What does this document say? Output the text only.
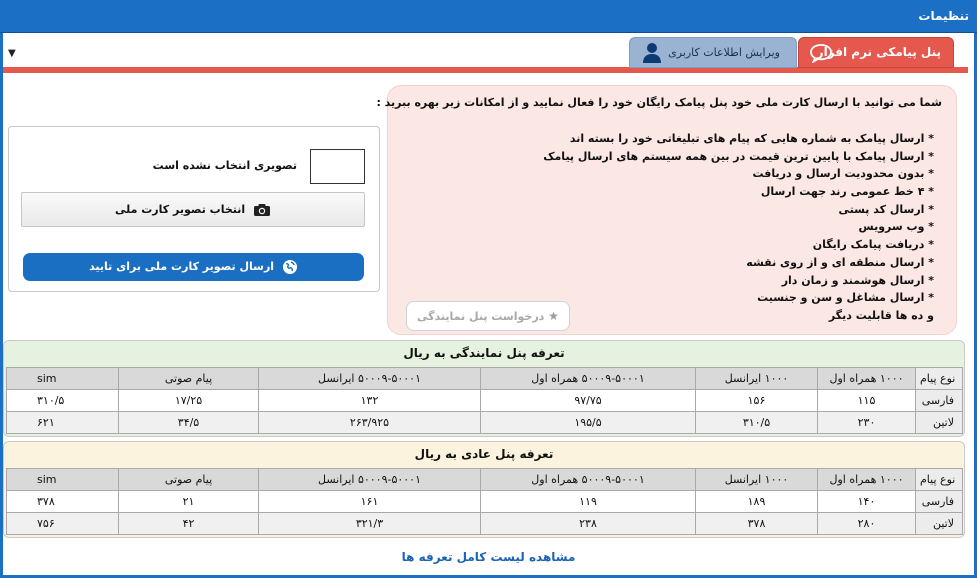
تنظیمات
پنل پیامکی نرم افزار
ویرایش اطلاعات کاربری
▼
شما می توانید با ارسال کارت ملی خود پنل پیامک رایگان خود را فعال نمایید و از امکانات زیر بهره ببرید :
* ارسال پیامک به شماره هایی که پیام های تبلیغاتی خود را بسته اند
* ارسال پیامک با پایین ترین قیمت در بین همه سیستم های ارسال پیامک
* بدون محدودیت ارسال و دریافت
* ۴ خط عمومی رند جهت ارسال
* ارسال کد پستی
* وب سرویس
* دریافت پیامک رایگان
* ارسال منطقه ای و از روی نقشه
* ارسال هوشمند و زمان دار
* ارسال مشاغل و سن و جنسیت
و ده ها قابلیت دیگر
★ درخواست پنل نمایندگی
تصویری انتخاب نشده است
انتخاب تصویر کارت ملی
ارسال تصویر کارت ملی برای تایید
تعرفه پنل نمایندگی به ریال
sim	پیام صوتی	۵۰۰۰۹-۵۰۰۰۱ ایرانسل	۵۰۰۰۹-۵۰۰۰۱ همراه اول	۱۰۰۰ ایرانسل	۱۰۰۰ همراه اول	نوع پیام	

۳۱۰/۵	۱۷/۲۵	۱۳۲	۹۷/۷۵	۱۵۶	۱۱۵	فارسی	

۶۲۱	۳۴/۵	۲۶۳/۹۲۵	۱۹۵/۵	۳۱۰/۵	۲۳۰	لاتین	
تعرفه پنل عادی به ریال
sim	پیام صوتی	۵۰۰۰۹-۵۰۰۰۱ ایرانسل	۵۰۰۰۹-۵۰۰۰۱ همراه اول	۱۰۰۰ ایرانسل	۱۰۰۰ همراه اول	نوع پیام	

۳۷۸	۲۱	۱۶۱	۱۱۹	۱۸۹	۱۴۰	فارسی	

۷۵۶	۴۲	۳۲۱/۳	۲۳۸	۳۷۸	۲۸۰	لاتین	
مشاهده لیست کامل تعرفه ها
